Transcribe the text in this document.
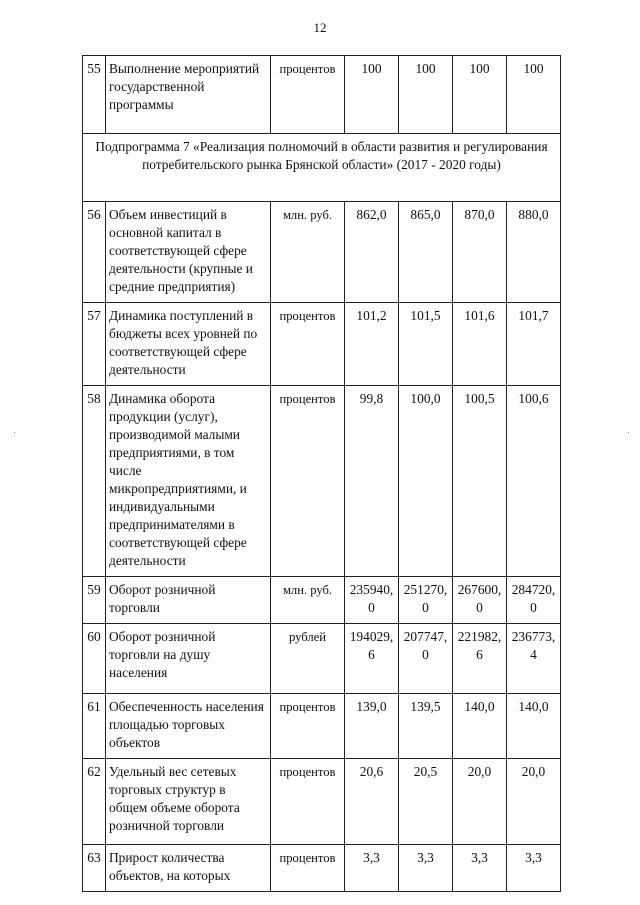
12
55	Выполнение мероприятий государственной программы	процентов	100	100	100	100
Подпрограмма 7 «Реализация полномочий в области развития и регулирования потребительского рынка Брянской области» (2017 - 2020 годы)						
56	Объем инвестиций в основной капитал в соответствующей сфере деятельности (крупные и средние предприятия)	млн. руб.	862,0	865,0	870,0	880,0
57	Динамика поступлений в бюджеты всех уровней по соответствующей сфере деятельности	процентов	101,2	101,5	101,6	101,7
58	Динамика оборота продукции (услуг), производимой малыми предприятиями, в том числе микропредприятиями, и индивидуальными предпринимателями в соответствующей сфере деятельности	процентов	99,8	100,0	100,5	100,6
59	Оборот розничной торговли	млн. руб.	235940,0	251270,0	267600,0	284720,0
60	Оборот розничной торговли на душу населения	рублей	194029,6	207747,0	221982,6	236773,4
61	Обеспеченность населения площадью торговых объектов	процентов	139,0	139,5	140,0	140,0
62	Удельный вес сетевых торговых структур в общем объеме оборота розничной торговли	процентов	20,6	20,5	20,0	20,0
63	Прирост количества объектов, на которых	процентов	3,3	3,3	3,3	3,3
